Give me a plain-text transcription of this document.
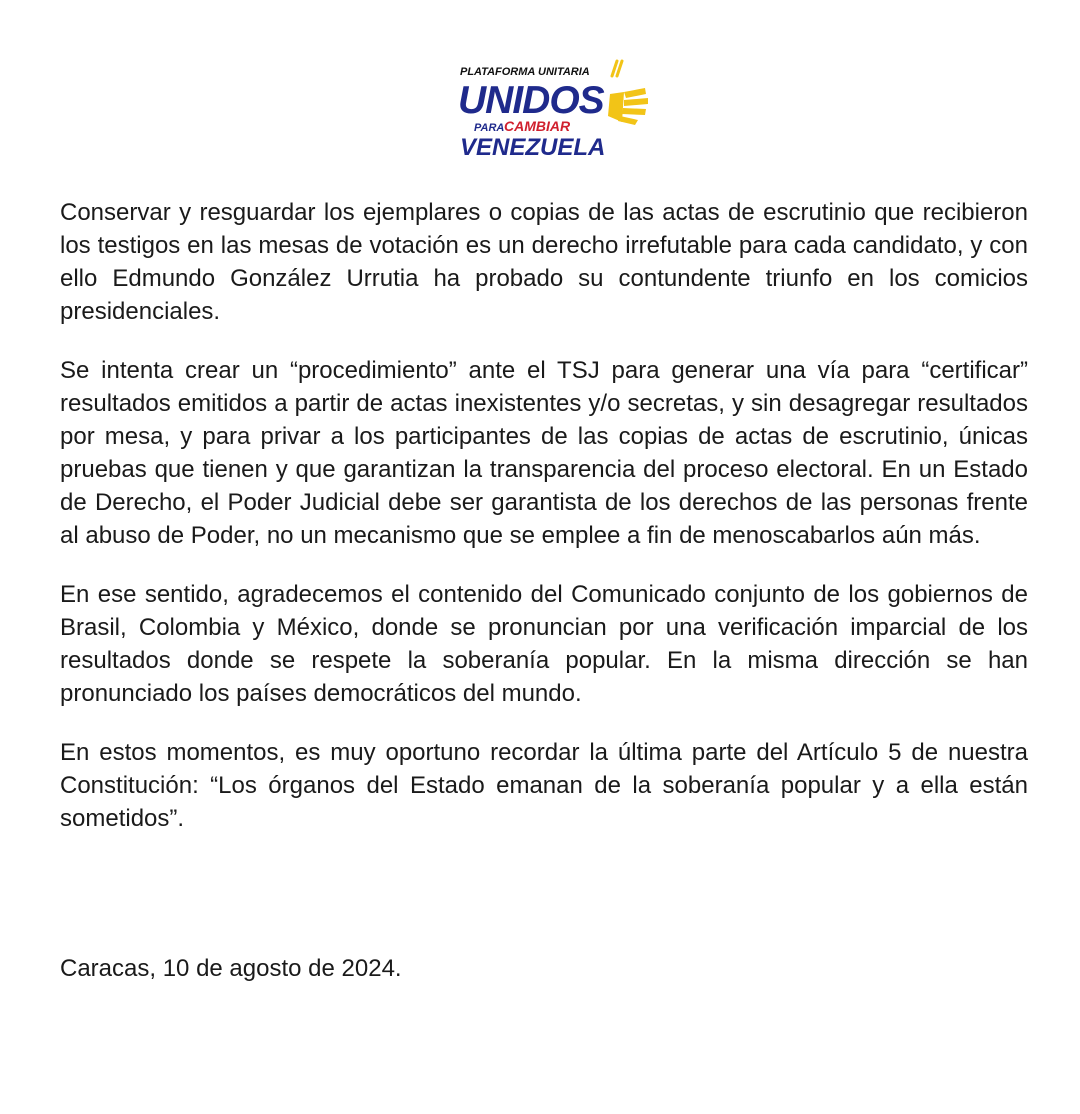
PLATAFORMA UNITARIA
UNIDOS
PARA CAMBIAR
VENEZUELA

Conservar y resguardar los ejemplares o copias de las actas de escrutinio que recibieron los testigos en las mesas de votación es un derecho irrefutable para cada candidato, y con ello Edmundo González Urrutia ha probado su contundente triunfo en los comicios presidenciales.

Se intenta crear un “procedimiento” ante el TSJ para generar una vía para “certificar” resultados emitidos a partir de actas inexistentes y/o secretas, y sin desagregar resultados por mesa, y para privar a los participantes de las copias de actas de escrutinio, únicas pruebas que tienen y que garantizan la transparencia del proceso electoral. En un Estado de Derecho, el Poder Judicial debe ser garantista de los derechos de las personas frente al abuso de Poder, no un mecanismo que se emplee a fin de menoscabarlos aún más.

En ese sentido, agradecemos el contenido del Comunicado conjunto de los gobiernos de Brasil, Colombia y México, donde se pronuncian por una verificación imparcial de los resultados donde se respete la soberanía popular. En la misma dirección se han pronunciado los países democráticos del mundo.

En estos momentos, es muy oportuno recordar la última parte del Artículo 5 de nuestra Constitución: “Los órganos del Estado emanan de la soberanía popular y a ella están sometidos”.

Caracas, 10 de agosto de 2024.
